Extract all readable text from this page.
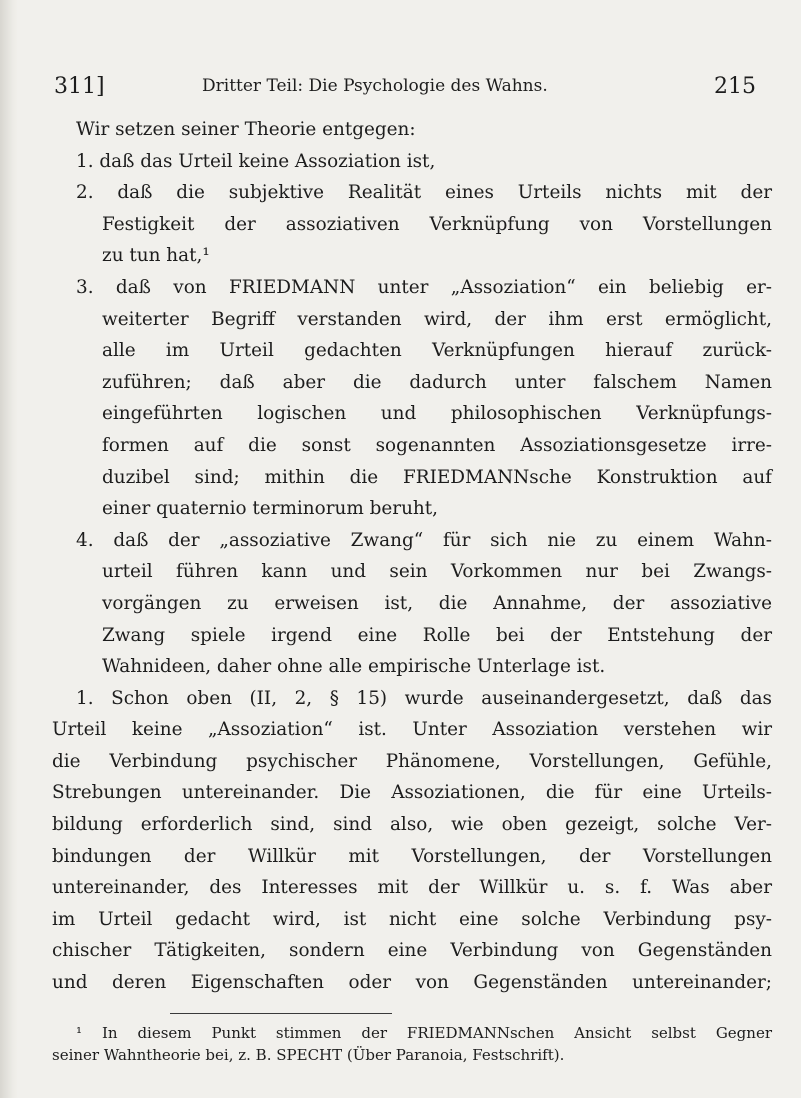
311]	Dritter Teil: Die Psychologie des Wahns.	215
Wir setzen seiner Theorie entgegen:
1. daß das Urteil keine Assoziation ist,
2. daß die subjektive Realität eines Urteils nichts mit der
Festigkeit der assoziativen Verknüpfung von Vorstellungen
zu tun hat,¹
3. daß von FRIEDMANN unter „Assoziation“ ein beliebig er-
weiterter Begriff verstanden wird, der ihm erst ermöglicht,
alle im Urteil gedachten Verknüpfungen hierauf zurück-
zuführen; daß aber die dadurch unter falschem Namen
eingeführten logischen und philosophischen Verknüpfungs-
formen auf die sonst sogenannten Assoziationsgesetze irre-
duzibel sind; mithin die FRIEDMANNsche Konstruktion auf
einer quaternio terminorum beruht,
4. daß der „assoziative Zwang“ für sich nie zu einem Wahn-
urteil führen kann und sein Vorkommen nur bei Zwangs-
vorgängen zu erweisen ist, die Annahme, der assoziative
Zwang spiele irgend eine Rolle bei der Entstehung der
Wahnideen, daher ohne alle empirische Unterlage ist.
1. Schon oben (II, 2, § 15) wurde auseinandergesetzt, daß das
Urteil keine „Assoziation“ ist. Unter Assoziation verstehen wir
die Verbindung psychischer Phänomene, Vorstellungen, Gefühle,
Strebungen untereinander. Die Assoziationen, die für eine Urteils-
bildung erforderlich sind, sind also, wie oben gezeigt, solche Ver-
bindungen der Willkür mit Vorstellungen, der Vorstellungen
untereinander, des Interesses mit der Willkür u. s. f. Was aber
im Urteil gedacht wird, ist nicht eine solche Verbindung psy-
chischer Tätigkeiten, sondern eine Verbindung von Gegenständen
und deren Eigenschaften oder von Gegenständen untereinander;
¹ In diesem Punkt stimmen der FRIEDMANNschen Ansicht selbst Gegner
seiner Wahntheorie bei, z. B. SPECHT (Über Paranoia, Festschrift).
